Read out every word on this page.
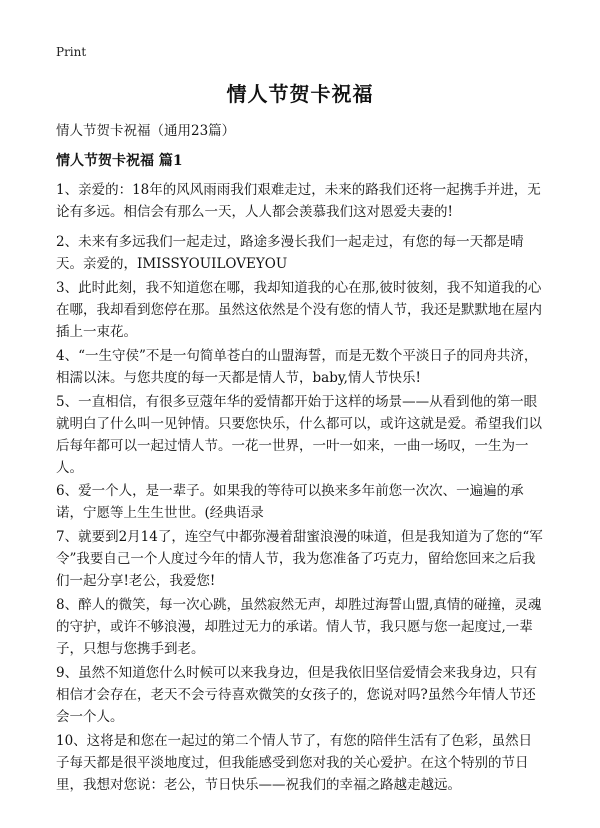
Print
情人节贺卡祝福
情人节贺卡祝福（通用23篇）
情人节贺卡祝福 篇1
1、亲爱的：18年的风风雨雨我们艰难走过，未来的路我们还将一起携手并进，无论有多远。相信会有那么一天，人人都会羡慕我们这对恩爱夫妻的!
2、未来有多远我们一起走过，路途多漫长我们一起走过，有您的每一天都是晴天。亲爱的，IMISSYOUILOVEYOU
3、此时此刻，我不知道您在哪，我却知道我的心在那,彼时彼刻，我不知道我的心在哪，我却看到您停在那。虽然这依然是个没有您的情人节，我还是默默地在屋内插上一束花。
4、“一生守侯”不是一句简单苍白的山盟海誓，而是无数个平淡日子的同舟共济，相濡以沫。与您共度的每一天都是情人节，baby,情人节快乐!
5、一直相信，有很多豆蔻年华的爱情都开始于这样的场景——从看到他的第一眼就明白了什么叫一见钟情。只要您快乐，什么都可以，或许这就是爱。希望我们以后每年都可以一起过情人节。一花一世界，一叶一如来，一曲一场叹，一生为一人。
6、爱一个人，是一辈子。如果我的等待可以换来多年前您一次次、一遍遍的承诺，宁愿等上生生世世。(经典语录
7、就要到2月14了，连空气中都弥漫着甜蜜浪漫的味道，但是我知道为了您的“军令”我要自己一个人度过今年的情人节，我为您准备了巧克力，留给您回来之后我们一起分享!老公，我爱您!
8、醉人的微笑，每一次心跳，虽然寂然无声，却胜过海誓山盟,真情的碰撞，灵魂的守护，或许不够浪漫，却胜过无力的承诺。情人节，我只愿与您一起度过,一辈子，只想与您携手到老。
9、虽然不知道您什么时候可以来我身边，但是我依旧坚信爱情会来我身边，只有相信才会存在，老天不会亏待喜欢微笑的女孩子的，您说对吗?虽然今年情人节还会一个人。
10、这将是和您在一起过的第二个情人节了，有您的陪伴生活有了色彩，虽然日子每天都是很平淡地度过，但我能感受到您对我的关心爱护。在这个特别的节日里，我想对您说：老公，节日快乐——祝我们的幸福之路越走越远。
